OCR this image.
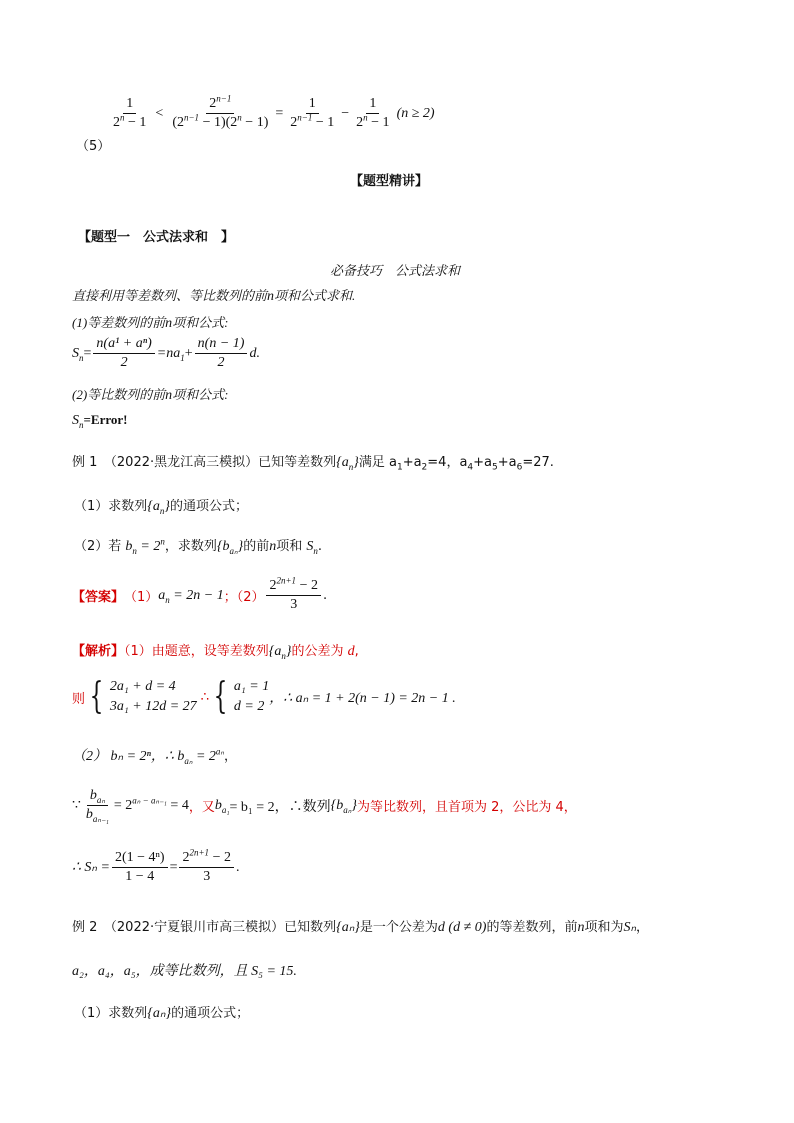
（5）
$\frac{1}{2^n - 1} < \frac{2^{n-1}}{(2^{n-1} - 1)(2^n - 1)} = \frac{1}{2^{n-1} - 1} - \frac{1}{2^n - 1} (n \ge 2)$
【题型精讲】
【题型一　公式法求和　】
必备技巧　公式法求和
直接利用等差数列、等比数列的前n项和公式求和.
(1)等差数列的前n项和公式:
$S_n = \frac{\text{n(a¹ + aⁿ)}}{2} =na_1 + \frac{n(n - 1)}{2} d$.
(2)等比数列的前n项和公式:
$S_n=Error$!
例 1　（2022·黑龙江高三模拟）已知等差数列$\{a_n\}$满足 $a_1+a_2=4$，$a_4+a_5+a_6=27$.
（1）求数列$\{a_n\}$的通项公式；
（2）若 $b_n = 2^n$，求数列$\{b_{a_n}\}$的前n项和 $S_n$.
【答案】 （1） $a_n = 2n - 1$ ；$(2) \frac{2^{2n+1} - 2}{3}$ .
【解析】（1）由题意，设等差数列$\{a_n\}$的公差为 d,
则 { 2a₁ + d = 4
3a₁ + 12d = 27
∴ { a₁ = 1
d = 2
，∴ aₙ = 1 + 2(n − 1) = 2n − 1 .
（2） bₙ = 2ⁿ，∴ $b_{a_n} = 2^{a_n}$，
∵ $\frac{b_{a_n}}{b_{a_{n-1}}} = 2^{a_n - a_{n-1}} = 4$ ，又 $b_{a_1} = b_1 = 2$，∴数列 $\{b_{a_n}\}$ 为等比数列，且首项为 2，公比为 4，
∴ $S_n = \frac{\text{2(1 − 4ⁿ)}}{1 - 4} = \frac{2^{2n+1} - 2}{3}$ .
例 2　（2022·宁夏银川市高三模拟）已知数列{aₙ}是一个公差为d (d ≠ 0)的等差数列，前n项和为Sₙ，
a₂，a₄，a₅，成等比数列，且 S₅ = 15.
（1）求数列{aₙ}的通项公式；
